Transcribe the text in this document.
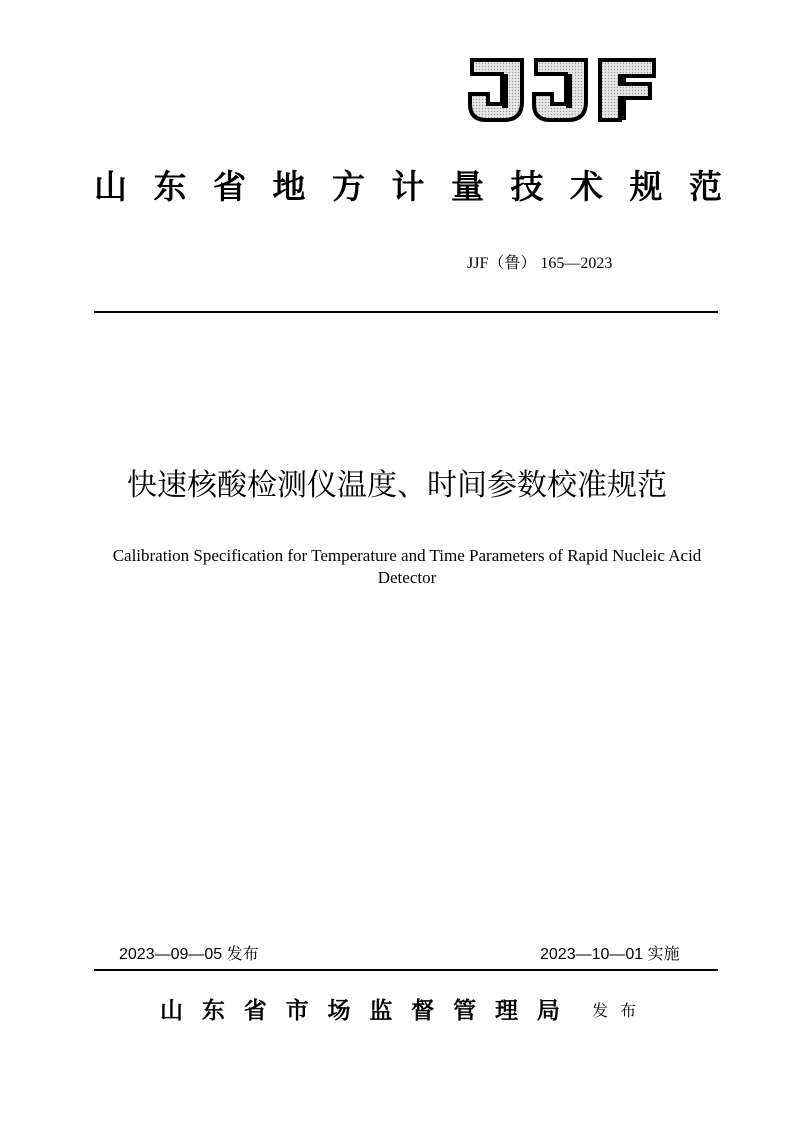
山 东 省 地 方 计 量 技 术 规 范
JJF（鲁） 165—2023
快速核酸检测仪温度、时间参数校准规范
Calibration Specification for Temperature and Time Parameters of Rapid Nucleic Acid Detector
2023—09—05 发布	2023—10—01 实施
山 东 省 市 场 监 督 管 理 局 发布
